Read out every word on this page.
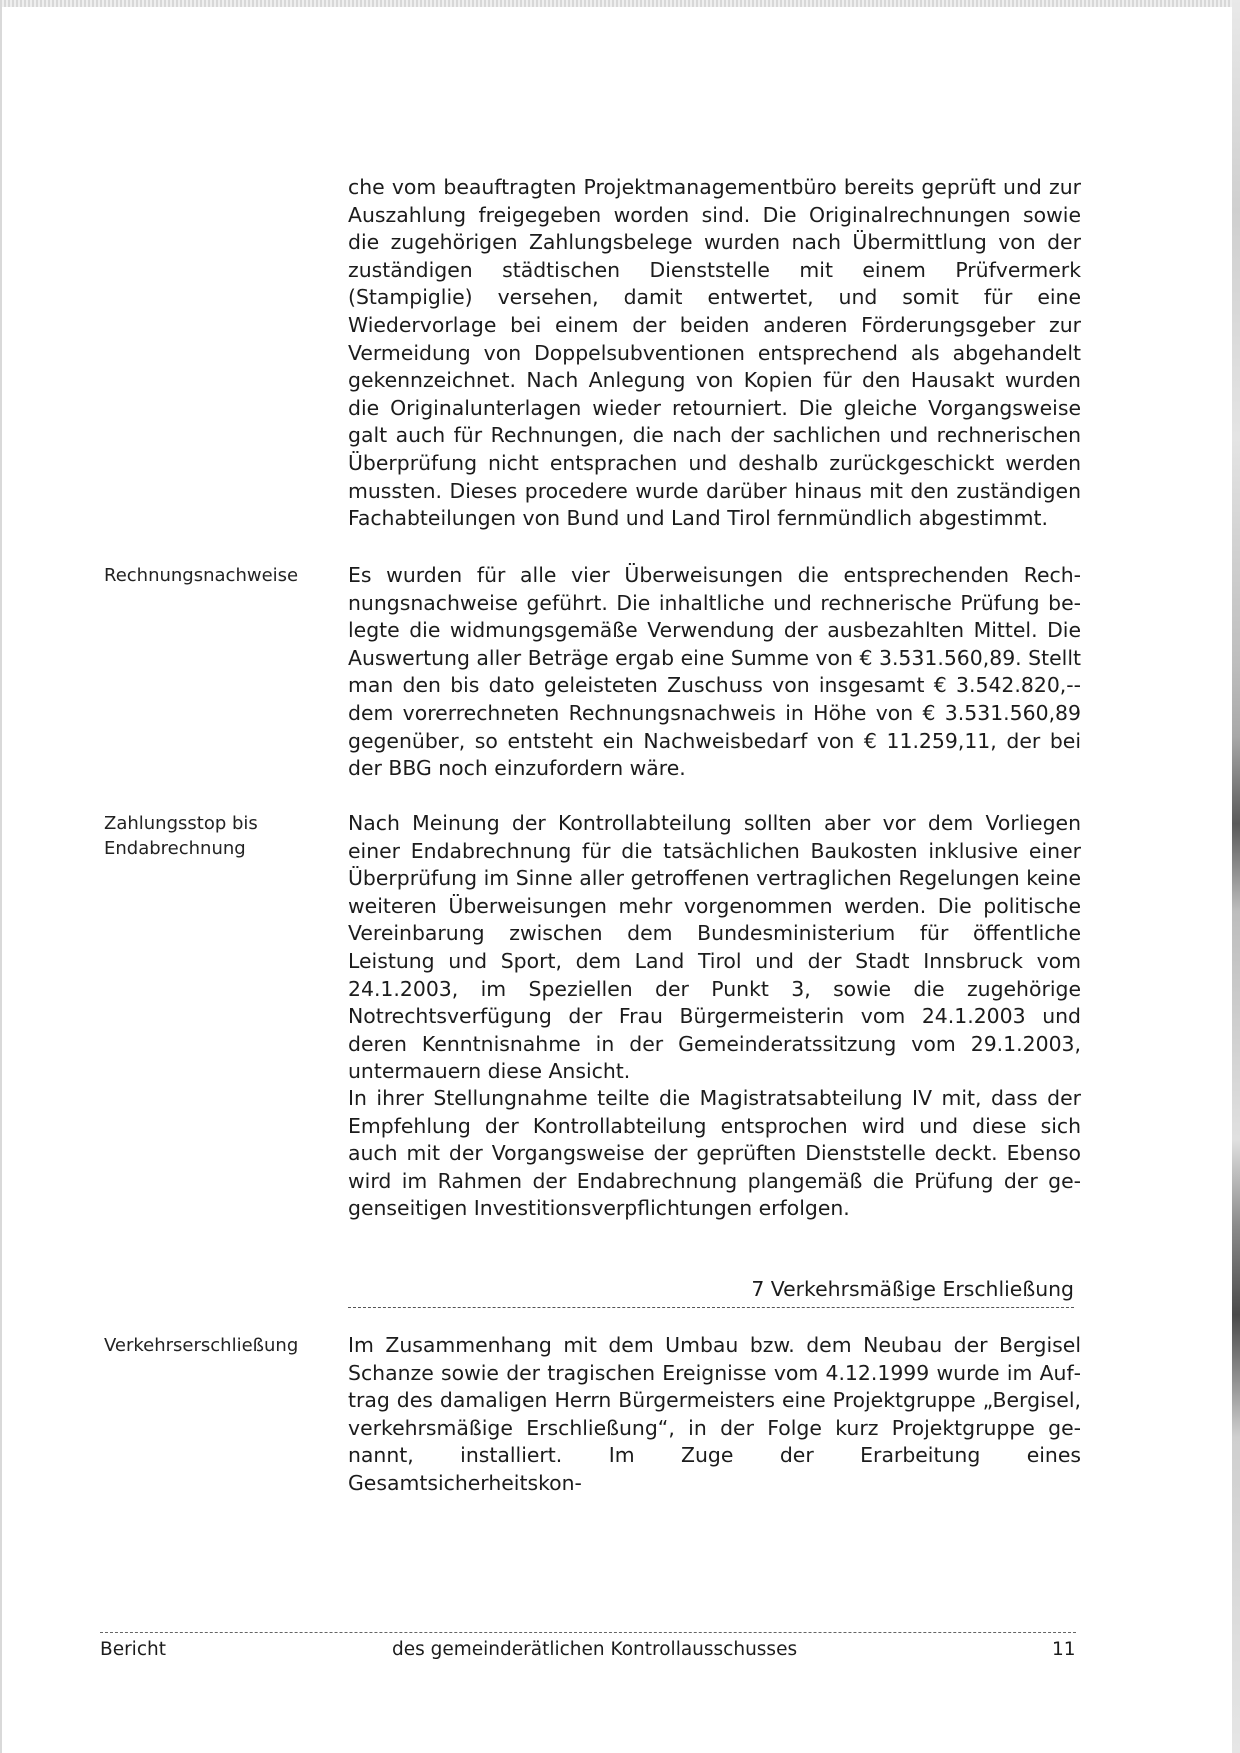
che vom beauftragten Projektmanagementbüro bereits geprüft und zur Auszahlung freigegeben worden sind. Die Originalrechnungen sowie die zugehörigen Zahlungsbelege wurden nach Übermittlung von der zuständigen städtischen Dienststelle mit einem Prüfvermerk (Stampiglie) versehen, damit entwertet, und somit für eine Wiedervorlage bei einem der beiden anderen Förderungsgeber zur Vermeidung von Doppelsubventionen entsprechend als abgehandelt gekennzeichnet. Nach Anlegung von Kopien für den Hausakt wurden die Originalunterlagen wieder retourniert. Die gleiche Vorgangsweise galt auch für Rechnungen, die nach der sachlichen und rechnerischen Überprüfung nicht entsprachen und deshalb zurückgeschickt werden mussten. Dieses procedere wurde darüber hinaus mit den zuständigen Fachabteilungen von Bund und Land Tirol fernmündlich abgestimmt.

Rechnungsnachweise	Es wurden für alle vier Überweisungen die entsprechenden Rechnungsnachweise geführt. Die inhaltliche und rechnerische Prüfung belegte die widmungsgemäße Verwendung der ausbezahlten Mittel. Die Auswertung aller Beträge ergab eine Summe von € 3.531.560,89. Stellt man den bis dato geleisteten Zuschuss von insgesamt € 3.542.820,-- dem vorerrechneten Rechnungsnachweis in Höhe von € 3.531.560,89 gegenüber, so entsteht ein Nachweisbedarf von € 11.259,11, der bei der BBG noch einzufordern wäre.

Zahlungsstop bis
Endabrechnung

Nach Meinung der Kontrollabteilung sollten aber vor dem Vorliegen einer Endabrechnung für die tatsächlichen Baukosten inklusive einer Überprüfung im Sinne aller getroffenen vertraglichen Regelungen keine weiteren Überweisungen mehr vorgenommen werden. Die politische Vereinbarung zwischen dem Bundesministerium für öffentliche Leistung und Sport, dem Land Tirol und der Stadt Innsbruck vom 24.1.2003, im Speziellen der Punkt 3, sowie die zugehörige Notrechtsverfügung der Frau Bürgermeisterin vom 24.1.2003 und deren Kenntnisnahme in der Gemeinderatssitzung vom 29.1.2003, untermauern diese Ansicht.

In ihrer Stellungnahme teilte die Magistratsabteilung IV mit, dass der Empfehlung der Kontrollabteilung entsprochen wird und diese sich auch mit der Vorgangsweise der geprüften Dienststelle deckt. Ebenso wird im Rahmen der Endabrechnung plangemäß die Prüfung der gegenseitigen Investitionsverpflichtungen erfolgen.

7 Verkehrsmäßige Erschließung

Verkehrserschließung	Im Zusammenhang mit dem Umbau bzw. dem Neubau der Bergisel Schanze sowie der tragischen Ereignisse vom 4.12.1999 wurde im Auftrag des damaligen Herrn Bürgermeisters eine Projektgruppe „Bergisel, verkehrsmäßige Erschließung“, in der Folge kurz Projektgruppe genannt, installiert. Im Zuge der Erarbeitung eines Gesamtsicherheitskon-

Bericht	des gemeinderätlichen Kontrollausschusses	11
